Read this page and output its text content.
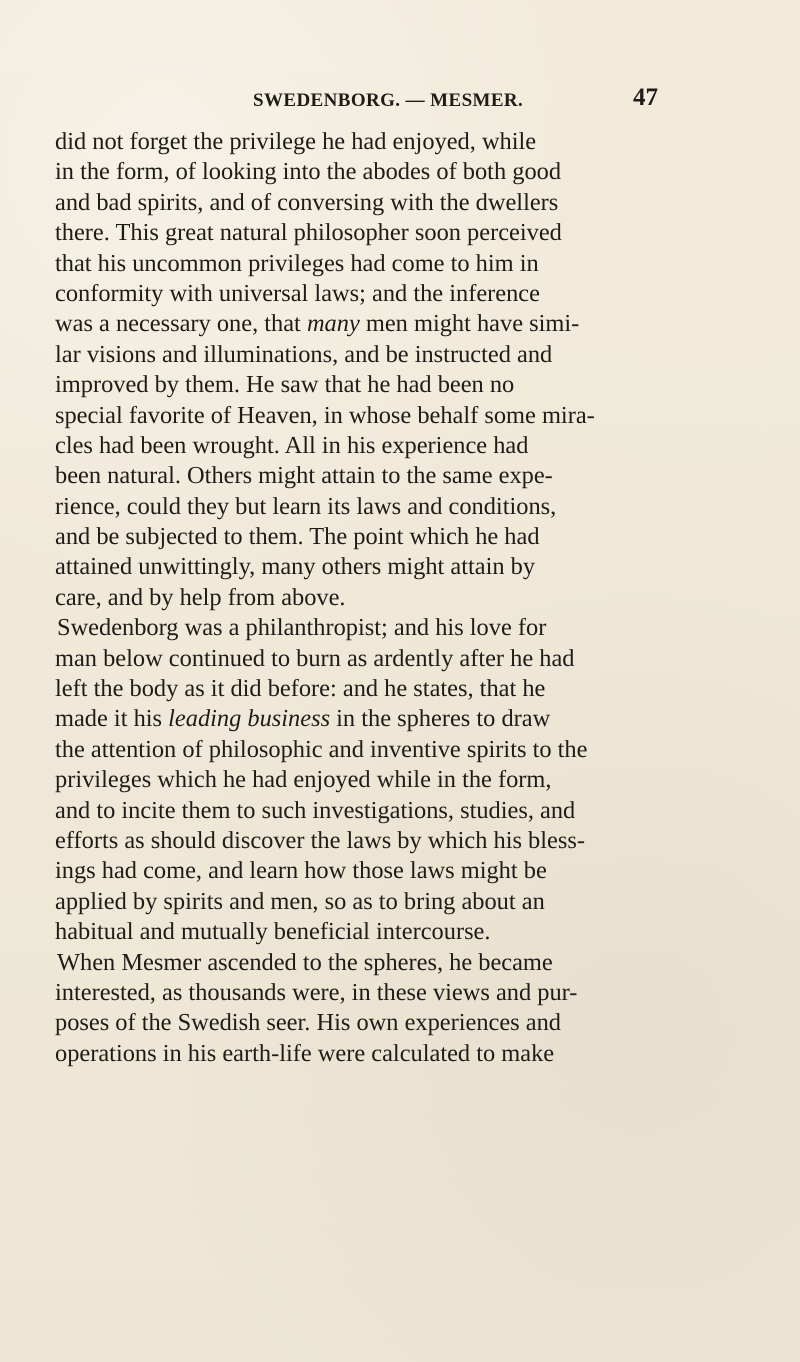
SWEDENBORG. — MESMER.	47
did not forget the privilege he had enjoyed, while
in the form, of looking into the abodes of both good
and bad spirits, and of conversing with the dwellers
there. This great natural philosopher soon perceived
that his uncommon privileges had come to him in
conformity with universal laws; and the inference
was a necessary one, that many men might have simi-
lar visions and illuminations, and be instructed and
improved by them. He saw that he had been no
special favorite of Heaven, in whose behalf some mira-
cles had been wrought. All in his experience had
been natural. Others might attain to the same expe-
rience, could they but learn its laws and conditions,
and be subjected to them. The point which he had
attained unwittingly, many others might attain by
care, and by help from above.
Swedenborg was a philanthropist; and his love for
man below continued to burn as ardently after he had
left the body as it did before: and he states, that he
made it his leading business in the spheres to draw
the attention of philosophic and inventive spirits to the
privileges which he had enjoyed while in the form,
and to incite them to such investigations, studies, and
efforts as should discover the laws by which his bless-
ings had come, and learn how those laws might be
applied by spirits and men, so as to bring about an
habitual and mutually beneficial intercourse.
When Mesmer ascended to the spheres, he became
interested, as thousands were, in these views and pur-
poses of the Swedish seer. His own experiences and
operations in his earth-life were calculated to make
